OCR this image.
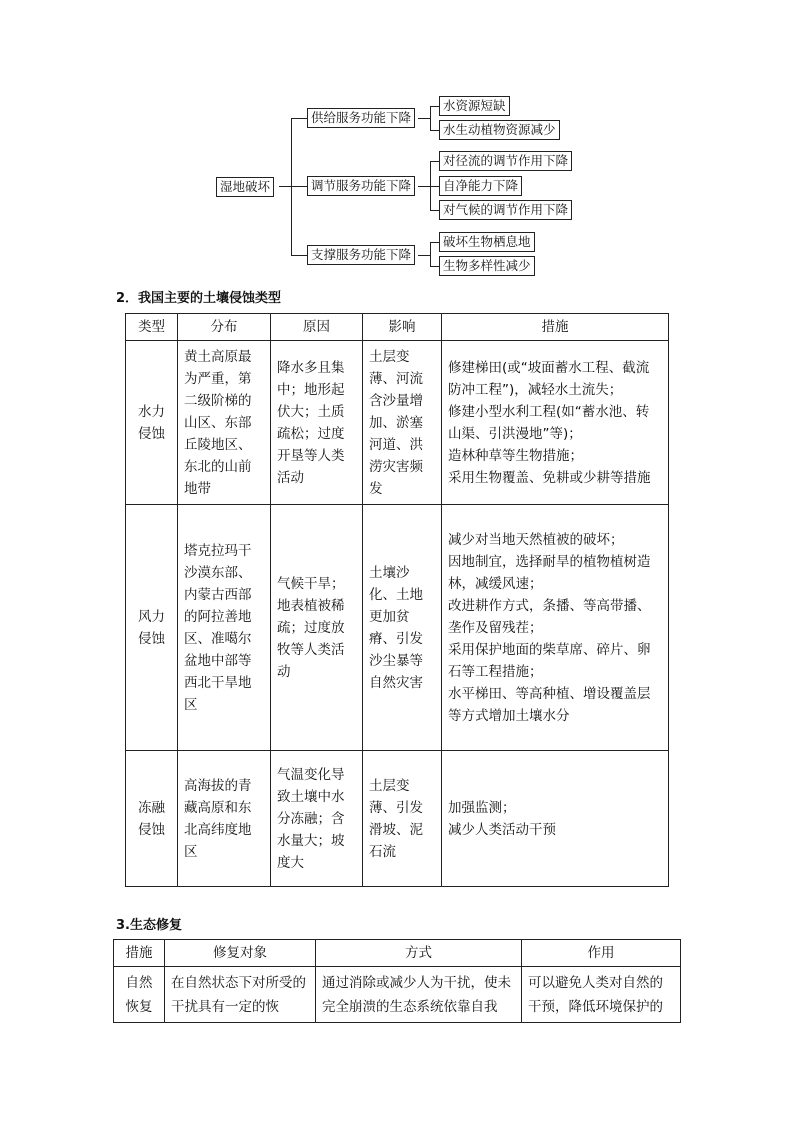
湿地破坏
供给服务功能下降
水资源短缺
水生动植物资源减少
调节服务功能下降
对径流的调节作用下降
自净能力下降
对气候的调节作用下降
支撑服务功能下降
破坏生物栖息地
生物多样性减少
2．我国主要的土壤侵蚀类型
类型	分布	原因	影响	措施
水力侵蚀	黄土高原最为严重，第二级阶梯的山区、东部丘陵地区、东北的山前地带	降水多且集中；地形起伏大；土质疏松；过度开垦等人类活动	土层变薄、河流含沙量增加、淤塞河道、洪涝灾害频发	修建梯田(或“坡面蓄水工程、截流防冲工程”)，减轻水土流失；
修建小型水利工程(如“蓄水池、转山渠、引洪漫地”等)；
造林种草等生物措施；
采用生物覆盖、免耕或少耕等措施

风力侵蚀	塔克拉玛干沙漠东部、内蒙古西部的阿拉善地区、准噶尔盆地中部等西北干旱地区	气候干旱；地表植被稀疏；过度放牧等人类活动	土壤沙化、土地更加贫瘠、引发沙尘暴等自然灾害	减少对当地天然植被的破坏；
因地制宜，选择耐旱的植物植树造林，减缓风速；
改进耕作方式，条播、等高带播、垄作及留残茬；
采用保护地面的柴草席、碎片、卵石等工程措施；
水平梯田、等高种植、增设覆盖层等方式增加土壤水分

冻融侵蚀	高海拔的青藏高原和东北高纬度地区	气温变化导致土壤中水分冻融；含水量大；坡度大	土层变薄、引发滑坡、泥石流	加强监测；
减少人类活动干预
3.生态修复
措施	修复对象	方式	作用
自然恢复	在自然状态下对所受的干扰具有一定的恢	通过消除或减少人为干扰，使未完全崩溃的生态系统依靠自我	可以避免人类对自然的干预，降低环境保护的
